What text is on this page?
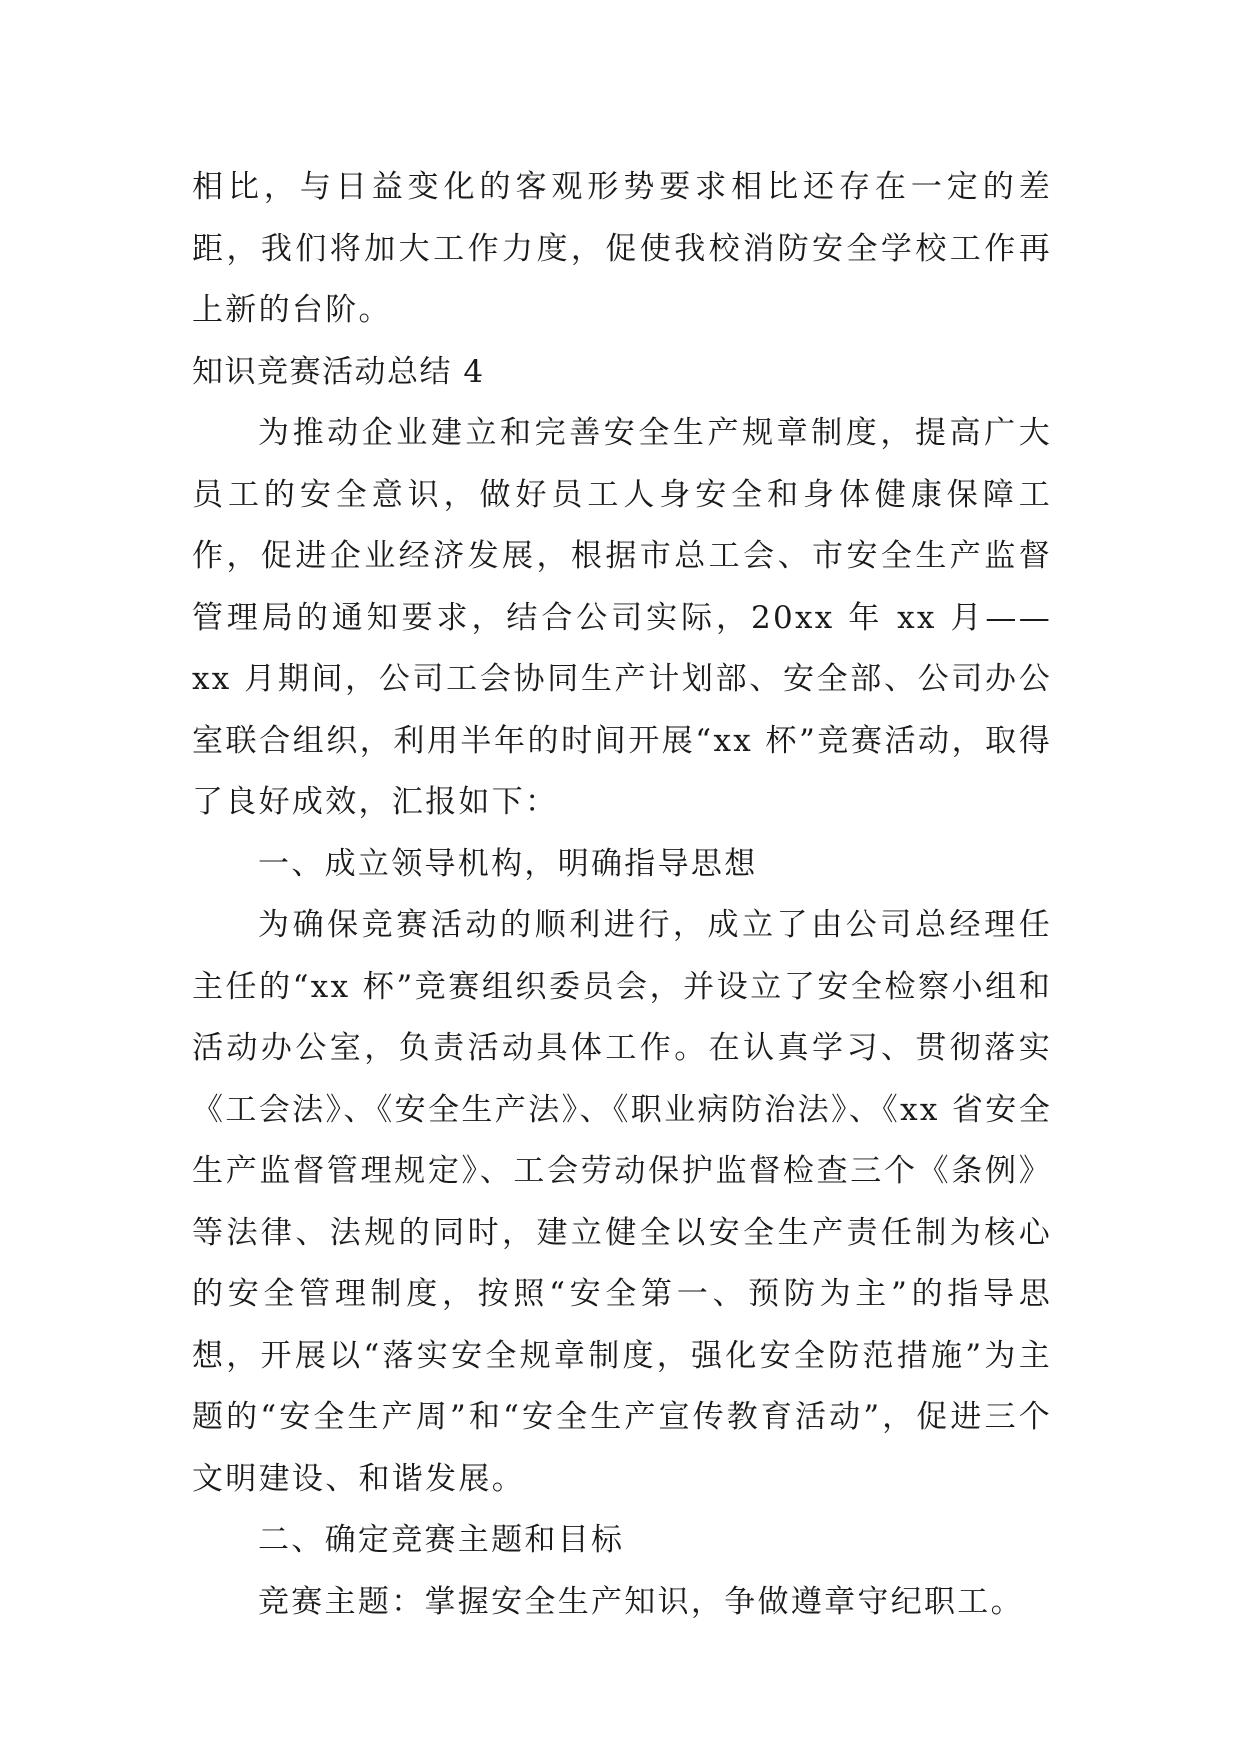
相比，与日益变化的客观形势要求相比还存在一定的差距，我们将加大工作力度，促使我校消防安全学校工作再上新的台阶。

知识竞赛活动总结 4

为推动企业建立和完善安全生产规章制度，提高广大员工的安全意识，做好员工人身安全和身体健康保障工作，促进企业经济发展，根据市总工会、市安全生产监督管理局的通知要求，结合公司实际，20xx 年 xx 月——xx 月期间，公司工会协同生产计划部、安全部、公司办公室联合组织，利用半年的时间开展“xx 杯”竞赛活动，取得了良好成效，汇报如下：

一、成立领导机构，明确指导思想

为确保竞赛活动的顺利进行，成立了由公司总经理任主任的“xx 杯”竞赛组织委员会，并设立了安全检察小组和活动办公室，负责活动具体工作。在认真学习、贯彻落实《工会法》、《安全生产法》、《职业病防治法》、《xx 省安全生产监督管理规定》、工会劳动保护监督检查三个《条例》等法律、法规的同时，建立健全以安全生产责任制为核心的安全管理制度，按照“安全第一、预防为主”的指导思想，开展以“落实安全规章制度，强化安全防范措施”为主题的“安全生产周”和“安全生产宣传教育活动”，促进三个文明建设、和谐发展。

二、确定竞赛主题和目标

竞赛主题：掌握安全生产知识，争做遵章守纪职工。
